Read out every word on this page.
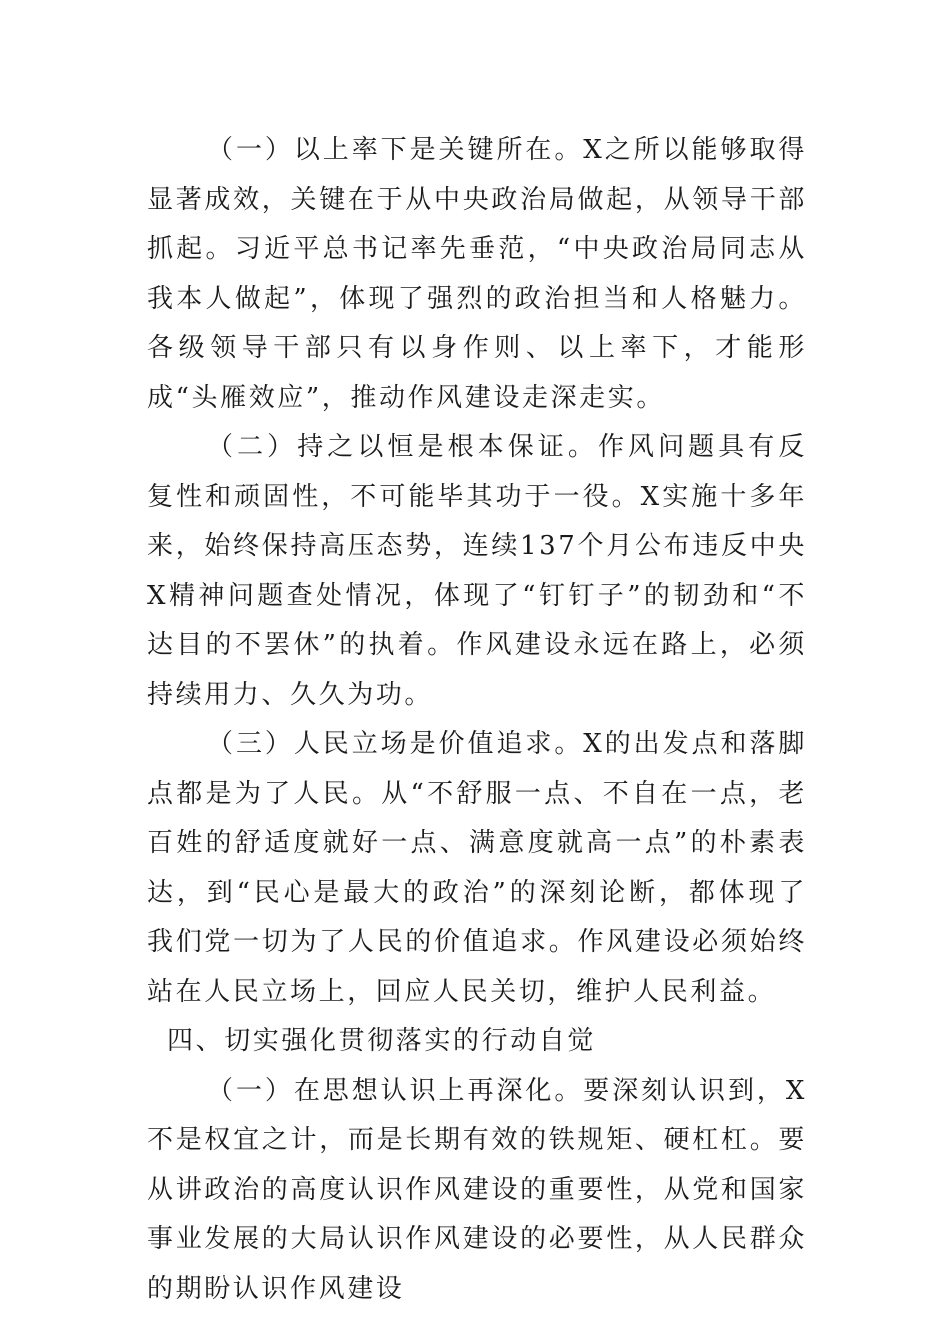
（一）以上率下是关键所在。X之所以能够取得显著成效，关键在于从中央政治局做起，从领导干部抓起。习近平总书记率先垂范，“中央政治局同志从我本人做起”，体现了强烈的政治担当和人格魅力。各级领导干部只有以身作则、以上率下，才能形成“头雁效应”，推动作风建设走深走实。

（二）持之以恒是根本保证。作风问题具有反复性和顽固性，不可能毕其功于一役。X实施十多年来，始终保持高压态势，连续137个月公布违反中央X精神问题查处情况，体现了“钉钉子”的韧劲和“不达目的不罢休”的执着。作风建设永远在路上，必须持续用力、久久为功。

（三）人民立场是价值追求。X的出发点和落脚点都是为了人民。从“不舒服一点、不自在一点，老百姓的舒适度就好一点、满意度就高一点”的朴素表达，到“民心是最大的政治”的深刻论断，都体现了我们党一切为了人民的价值追求。作风建设必须始终站在人民立场上，回应人民关切，维护人民利益。

四、切实强化贯彻落实的行动自觉

（一）在思想认识上再深化。要深刻认识到，X不是权宜之计，而是长期有效的铁规矩、硬杠杠。要从讲政治的高度认识作风建设的重要性，从党和国家事业发展的大局认识作风建设的必要性，从人民群众的期盼认识作风建设
